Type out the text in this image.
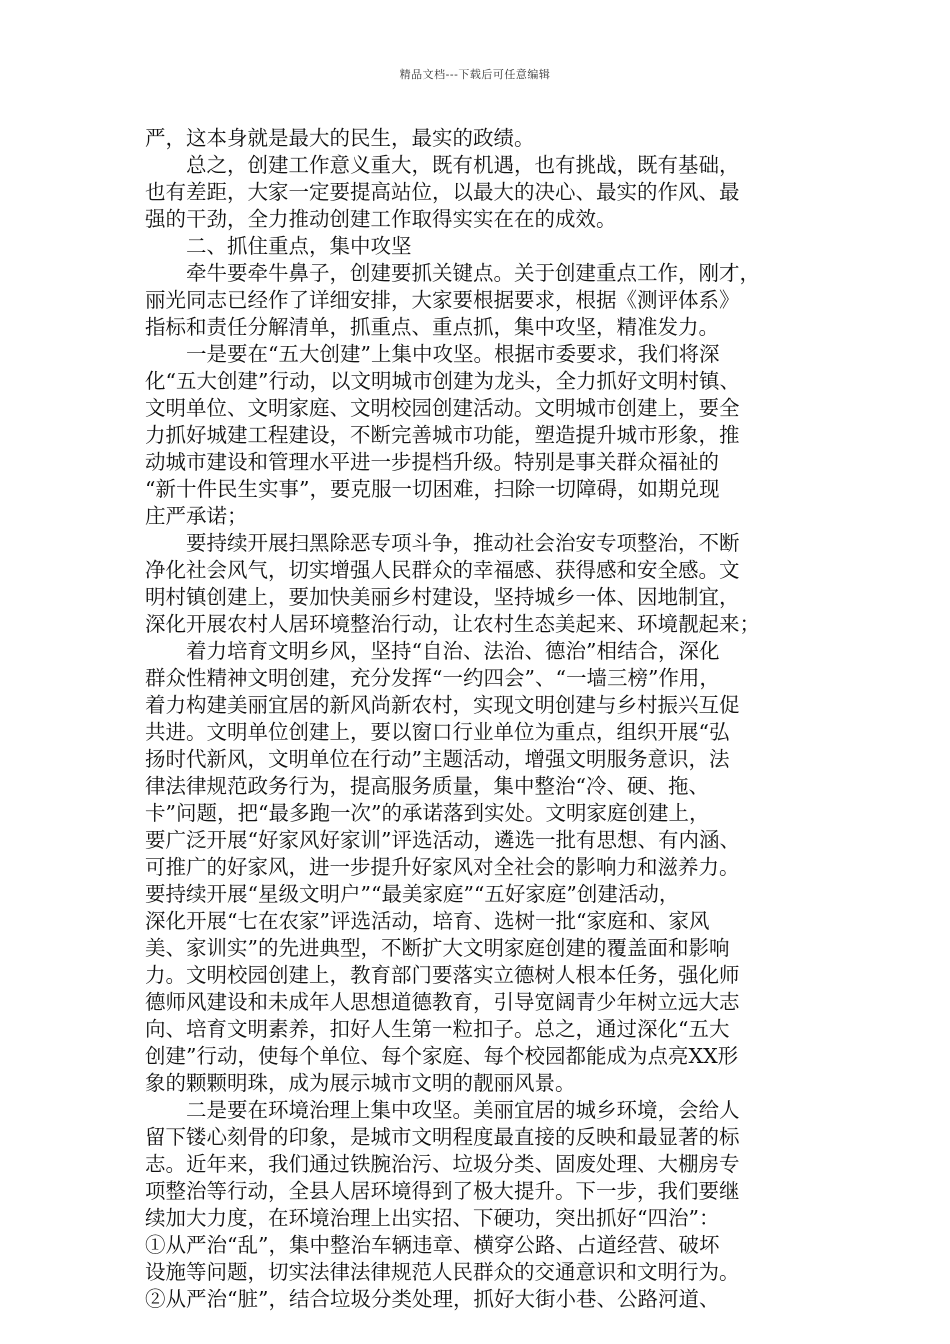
精品文档---下载后可任意编辑
严，这本身就是最大的民生，最实的政绩。
　　总之，创建工作意义重大，既有机遇，也有挑战，既有基础，
也有差距，大家一定要提高站位，以最大的决心、最实的作风、最
强的干劲，全力推动创建工作取得实实在在的成效。
　　二、抓住重点，集中攻坚
　　牵牛要牵牛鼻子，创建要抓关键点。关于创建重点工作，刚才，
丽光同志已经作了详细安排，大家要根据要求，根据《测评体系》
指标和责任分解清单，抓重点、重点抓，集中攻坚，精准发力。
　　一是要在“五大创建”上集中攻坚。根据市委要求，我们将深
化“五大创建”行动，以文明城市创建为龙头，全力抓好文明村镇、
文明单位、文明家庭、文明校园创建活动。文明城市创建上，要全
力抓好城建工程建设，不断完善城市功能，塑造提升城市形象，推
动城市建设和管理水平进一步提档升级。特别是事关群众福祉的
“新十件民生实事”，要克服一切困难，扫除一切障碍，如期兑现
庄严承诺；
　　要持续开展扫黑除恶专项斗争，推动社会治安专项整治，不断
净化社会风气，切实增强人民群众的幸福感、获得感和安全感。文
明村镇创建上，要加快美丽乡村建设，坚持城乡一体、因地制宜，
深化开展农村人居环境整治行动，让农村生态美起来、环境靓起来；
　　着力培育文明乡风，坚持“自治、法治、德治”相结合，深化
群众性精神文明创建，充分发挥“一约四会”、“一墙三榜”作用，
着力构建美丽宜居的新风尚新农村，实现文明创建与乡村振兴互促
共进。文明单位创建上，要以窗口行业单位为重点，组织开展“弘
扬时代新风，文明单位在行动”主题活动，增强文明服务意识，法
律法律规范政务行为，提高服务质量，集中整治“冷、硬、拖、
卡”问题，把“最多跑一次”的承诺落到实处。文明家庭创建上，
要广泛开展“好家风好家训”评选活动，遴选一批有思想、有内涵、
可推广的好家风，进一步提升好家风对全社会的影响力和滋养力。
要持续开展“星级文明户”“最美家庭”“五好家庭”创建活动，
深化开展“七在农家”评选活动，培育、选树一批“家庭和、家风
美、家训实”的先进典型，不断扩大文明家庭创建的覆盖面和影响
力。文明校园创建上，教育部门要落实立德树人根本任务，强化师
德师风建设和未成年人思想道德教育，引导宽阔青少年树立远大志
向、培育文明素养，扣好人生第一粒扣子。总之，通过深化“五大
创建”行动，使每个单位、每个家庭、每个校园都能成为点亮XX形
象的颗颗明珠，成为展示城市文明的靓丽风景。
　　二是要在环境治理上集中攻坚。美丽宜居的城乡环境，会给人
留下镂心刻骨的印象，是城市文明程度最直接的反映和最显著的标
志。近年来，我们通过铁腕治污、垃圾分类、固废处理、大棚房专
项整治等行动，全县人居环境得到了极大提升。下一步，我们要继
续加大力度，在环境治理上出实招、下硬功，突出抓好“四治”：
①从严治“乱”，集中整治车辆违章、横穿公路、占道经营、破坏
设施等问题，切实法律法律规范人民群众的交通意识和文明行为。
②从严治“脏”，结合垃圾分类处理，抓好大街小巷、公路河道、
